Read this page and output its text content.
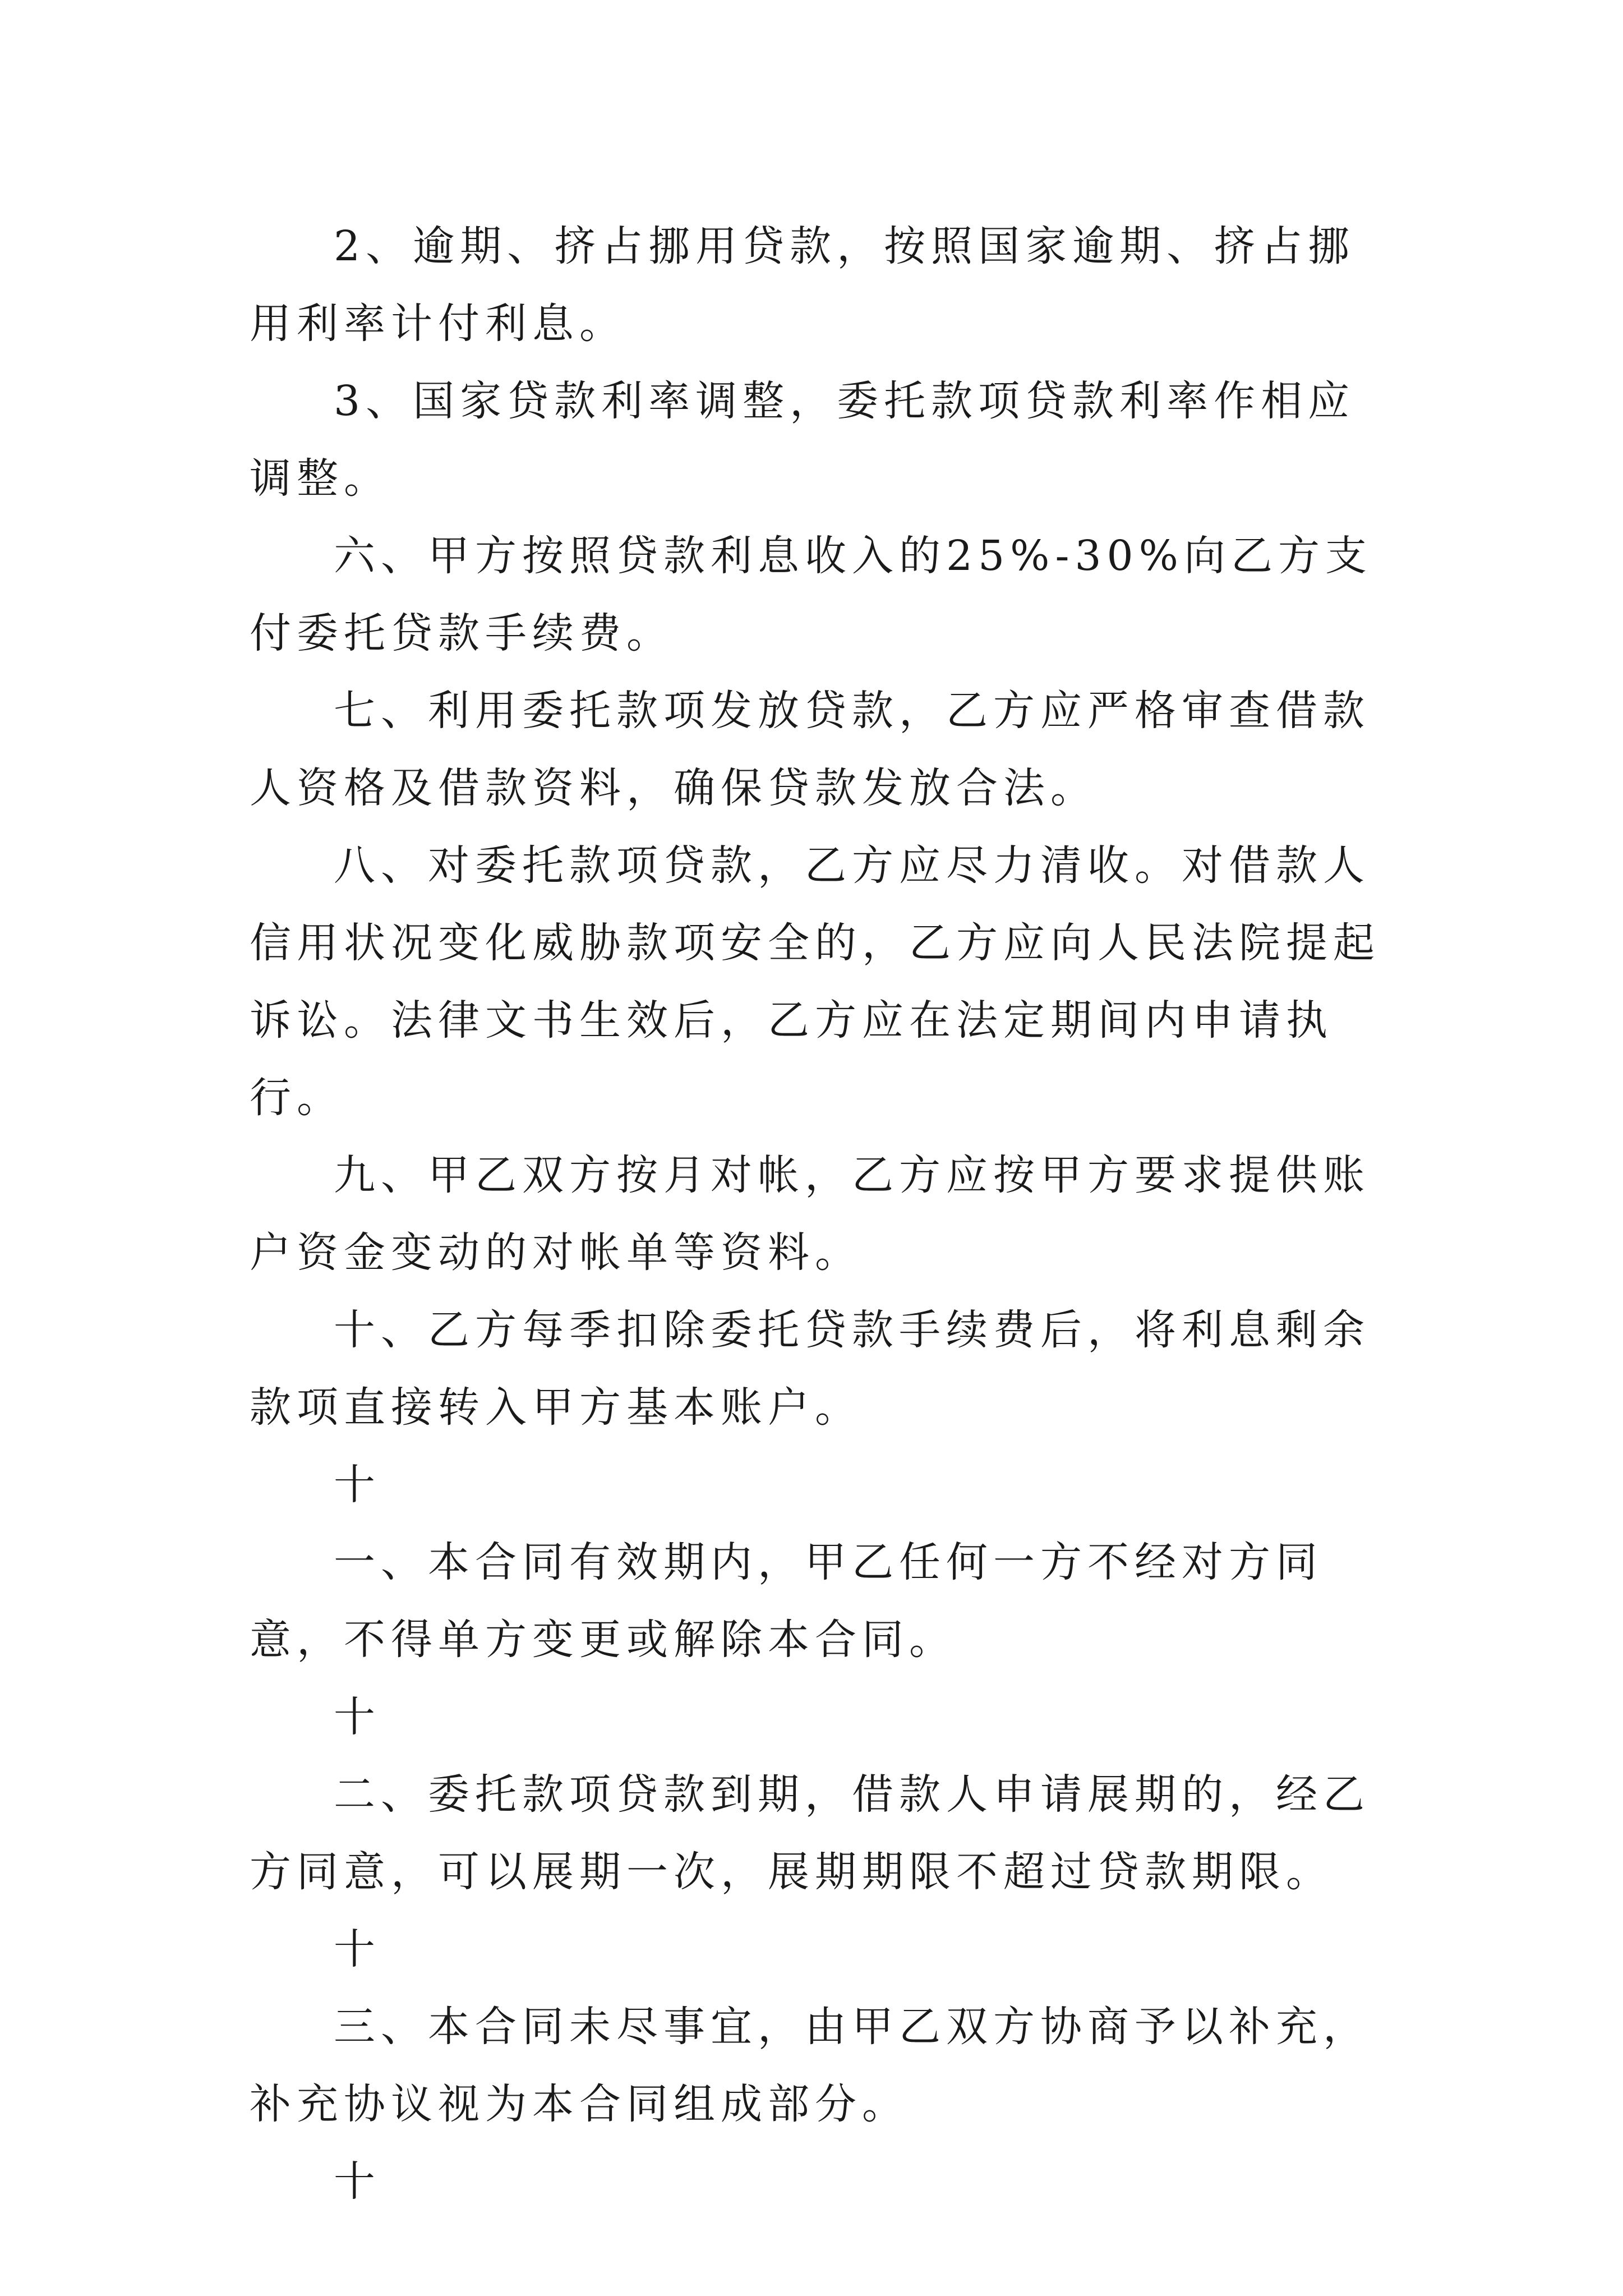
2、逾期、挤占挪用贷款，按照国家逾期、挤占挪用利率计付利息。

3、国家贷款利率调整，委托款项贷款利率作相应调整。

六、甲方按照贷款利息收入的25%-30%向乙方支付委托贷款手续费。

七、利用委托款项发放贷款，乙方应严格审查借款人资格及借款资料，确保贷款发放合法。

八、对委托款项贷款，乙方应尽力清收。对借款人信用状况变化威胁款项安全的，乙方应向人民法院提起诉讼。法律文书生效后，乙方应在法定期间内申请执行。

九、甲乙双方按月对帐，乙方应按甲方要求提供账户资金变动的对帐单等资料。

十、乙方每季扣除委托贷款手续费后，将利息剩余款项直接转入甲方基本账户。

十

一、本合同有效期内，甲乙任何一方不经对方同意，不得单方变更或解除本合同。

十

二、委托款项贷款到期，借款人申请展期的，经乙方同意，可以展期一次，展期期限不超过贷款期限。

十

三、本合同未尽事宜，由甲乙双方协商予以补充，补充协议视为本合同组成部分。

十
